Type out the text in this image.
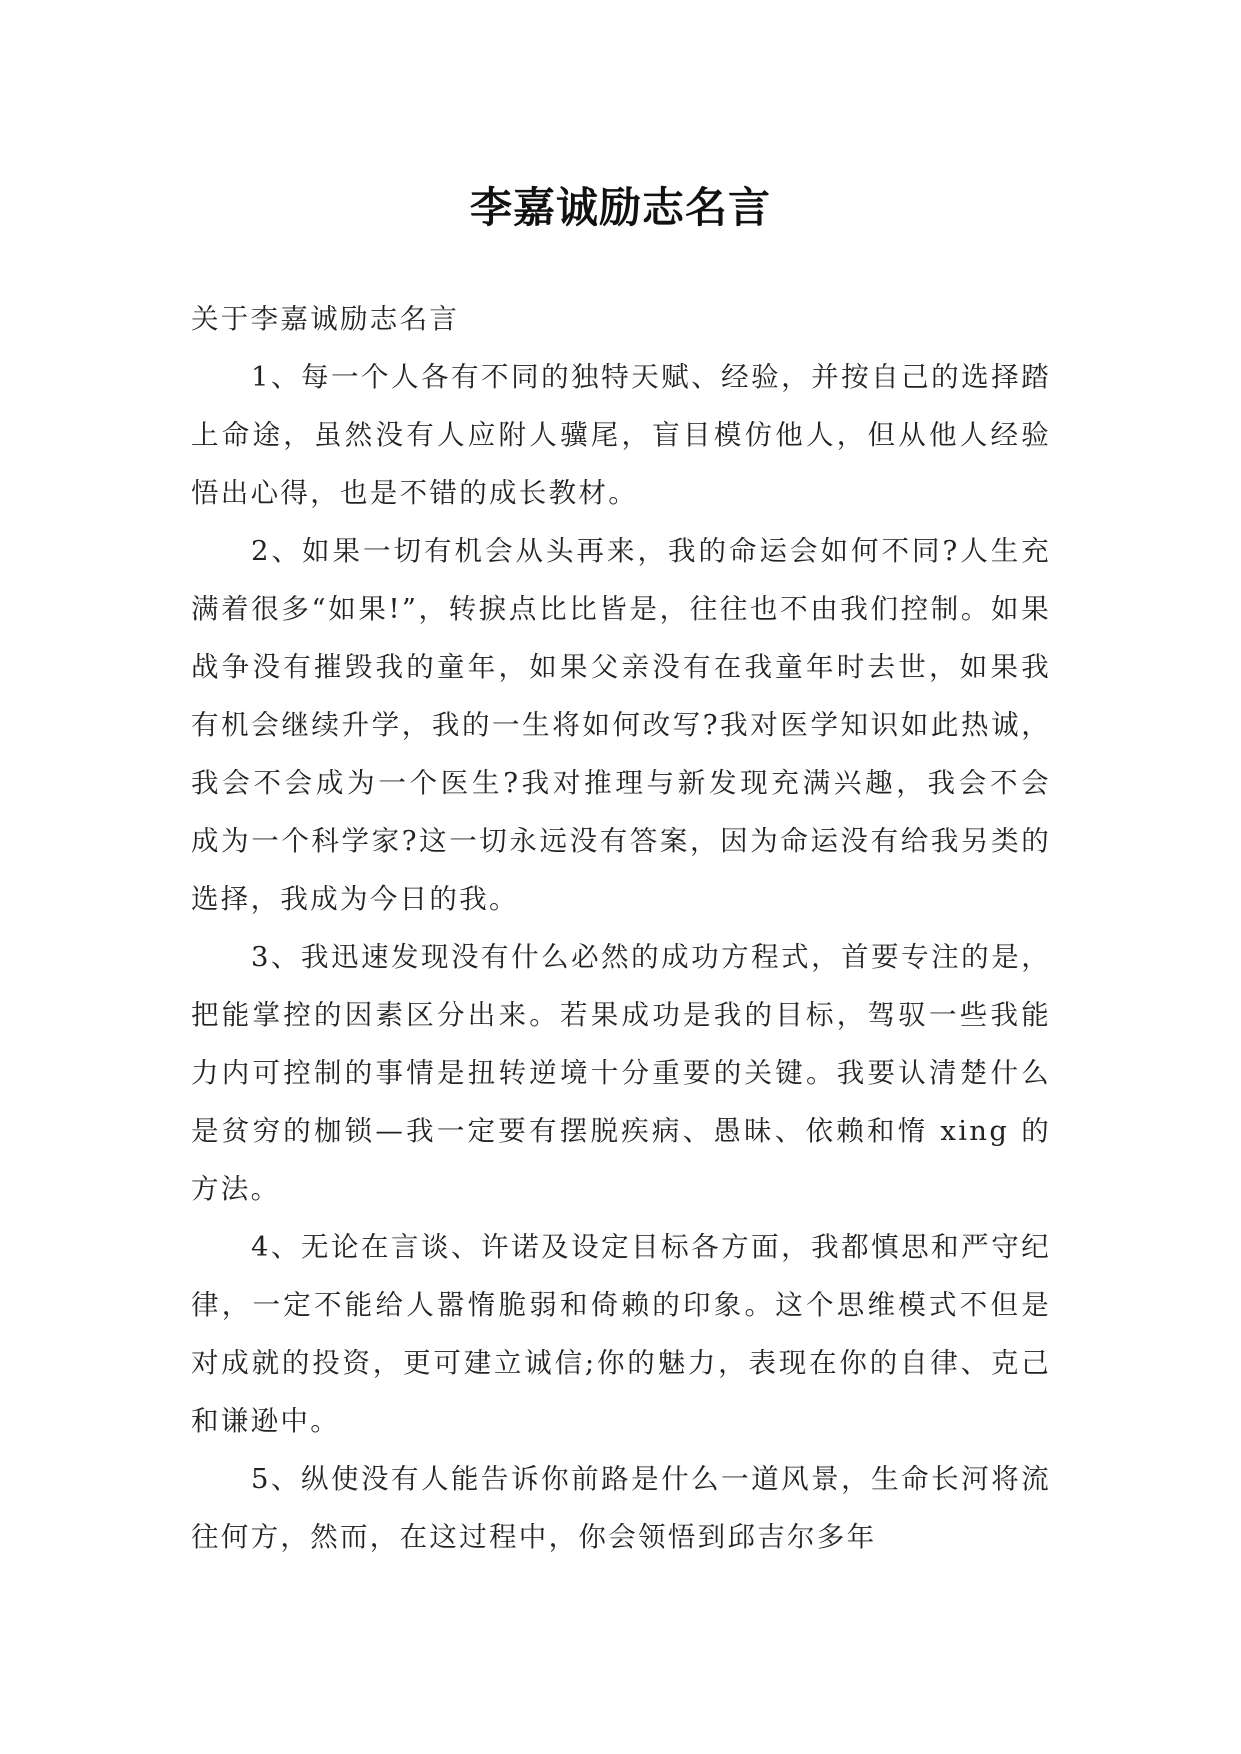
李嘉诚励志名言

关于李嘉诚励志名言

1、每一个人各有不同的独特天赋、经验，并按自己的选择踏上命途，虽然没有人应附人骥尾，盲目模仿他人，但从他人经验悟出心得，也是不错的成长教材。

2、如果一切有机会从头再来，我的命运会如何不同?人生充满着很多“如果!”，转捩点比比皆是，往往也不由我们控制。如果战争没有摧毁我的童年，如果父亲没有在我童年时去世，如果我有机会继续升学，我的一生将如何改写?我对医学知识如此热诚，我会不会成为一个医生?我对推理与新发现充满兴趣，我会不会 成为一个科学家?这一切永远没有答案，因为命运没有给我另类的选择，我成为今日的我。

3、我迅速发现没有什么必然的成功方程式，首要专注的是，把能掌控的因素区分出来。若果成功是我的目标，驾驭一些我能力内可控制的事情是扭转逆境十分重要的关键。我要认清楚什么是贫穷的枷锁—我一定要有摆脱疾病、愚昧、依赖和惰 xing 的方法。

4、无论在言谈、许诺及设定目标各方面，我都慎思和严守纪律，一定不能给人嚣惰脆弱和倚赖的印象。这个思维模式不但是对成就的投资，更可建立诚信;你的魅力，表现在你的自律、克己和谦逊中。

5、纵使没有人能告诉你前路是什么一道风景，生命长河将流往何方，然而，在这过程中，你会领悟到邱吉尔多年
